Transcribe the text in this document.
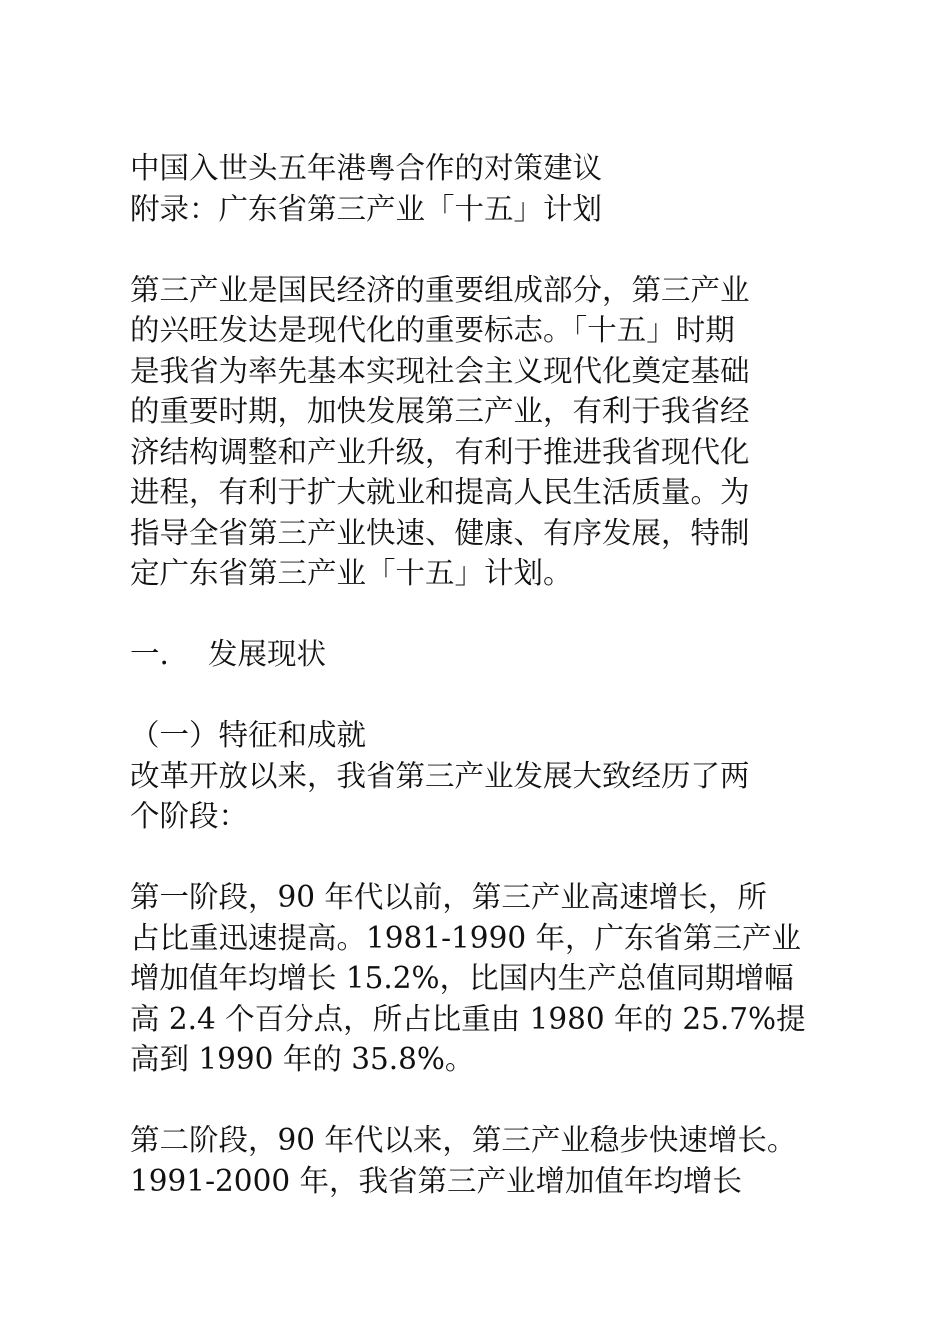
中国入世头五年港粤合作的对策建议
附录：广东省第三产业「十五」计划
第三产业是国民经济的重要组成部分，第三产业
的兴旺发达是现代化的重要标志。「十五」时期
是我省为率先基本实现社会主义现代化奠定基础
的重要时期，加快发展第三产业，有利于我省经
济结构调整和产业升级，有利于推进我省现代化
进程，有利于扩大就业和提高人民生活质量。为
指导全省第三产业快速、健康、有序发展，特制
定广东省第三产业「十五」计划。
一. 发展现状
（一）特征和成就
改革开放以来，我省第三产业发展大致经历了两
个阶段：
第一阶段，90 年代以前，第三产业高速增长，所
占比重迅速提高。1981-1990 年，广东省第三产业
增加值年均增长 15.2%，比国内生产总值同期增幅
高 2.4 个百分点，所占比重由 1980 年的 25.7%提
高到 1990 年的 35.8%。
第二阶段，90 年代以来，第三产业稳步快速增长。
1991-2000 年，我省第三产业增加值年均增长
